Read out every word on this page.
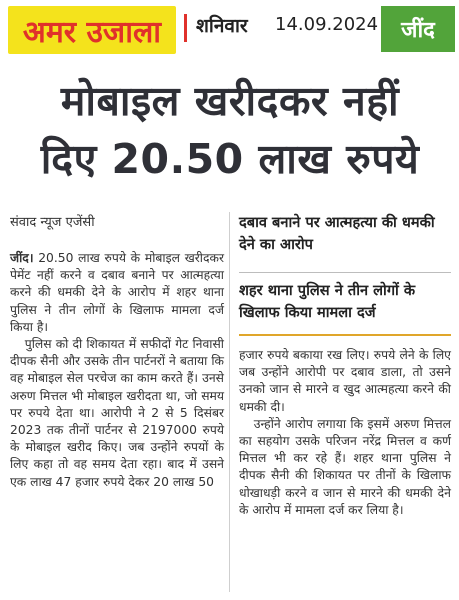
अमर उजाला	शनिवार 14.09.2024	जींद
मोबाइल खरीदकर नहीं
दिए 20.50 लाख रुपये
संवाद न्यूज एजेंसी	दबाव बनाने पर आत्महत्या की धमकी देने का आरोप
शहर थाना पुलिस ने तीन लोगों के खिलाफ किया मामला दर्ज

जींद। 20.50 लाख रुपये के मोबाइल खरीदकर पेमेंट नहीं करने व दबाव बनाने पर आत्महत्या करने की धमकी देने के आरोप में शहर थाना पुलिस ने तीन लोगों के खिलाफ मामला दर्ज किया है।

पुलिस को दी शिकायत में सफीदों गेट निवासी दीपक सैनी और उसके तीन पार्टनरों ने बताया कि वह मोबाइल सेल परचेज का काम करते हैं। उनसे अरुण मित्तल भी मोबाइल खरीदता था, जो समय पर रुपये देता था। आरोपी ने 2 से 5 दिसंबर 2023 तक तीनों पार्टनर से 2197000 रुपये के मोबाइल खरीद किए। जब उन्होंने रुपयों के लिए कहा तो वह समय देता रहा। बाद में उसने एक लाख 47 हजार रुपये देकर 20 लाख 50

हजार रुपये बकाया रख लिए। रुपये लेने के लिए जब उन्होंने आरोपी पर दबाव डाला, तो उसने उनको जान से मारने व खुद आत्महत्या करने की धमकी दी।

उन्होंने आरोप लगाया कि इसमें अरुण मित्तल का सहयोग उसके परिजन नरेंद्र मित्तल व कर्ण मित्तल भी कर रहे हैं। शहर थाना पुलिस ने दीपक सैनी की शिकायत पर तीनों के खिलाफ धोखाधड़ी करने व जान से मारने की धमकी देने के आरोप में मामला दर्ज कर लिया है।
